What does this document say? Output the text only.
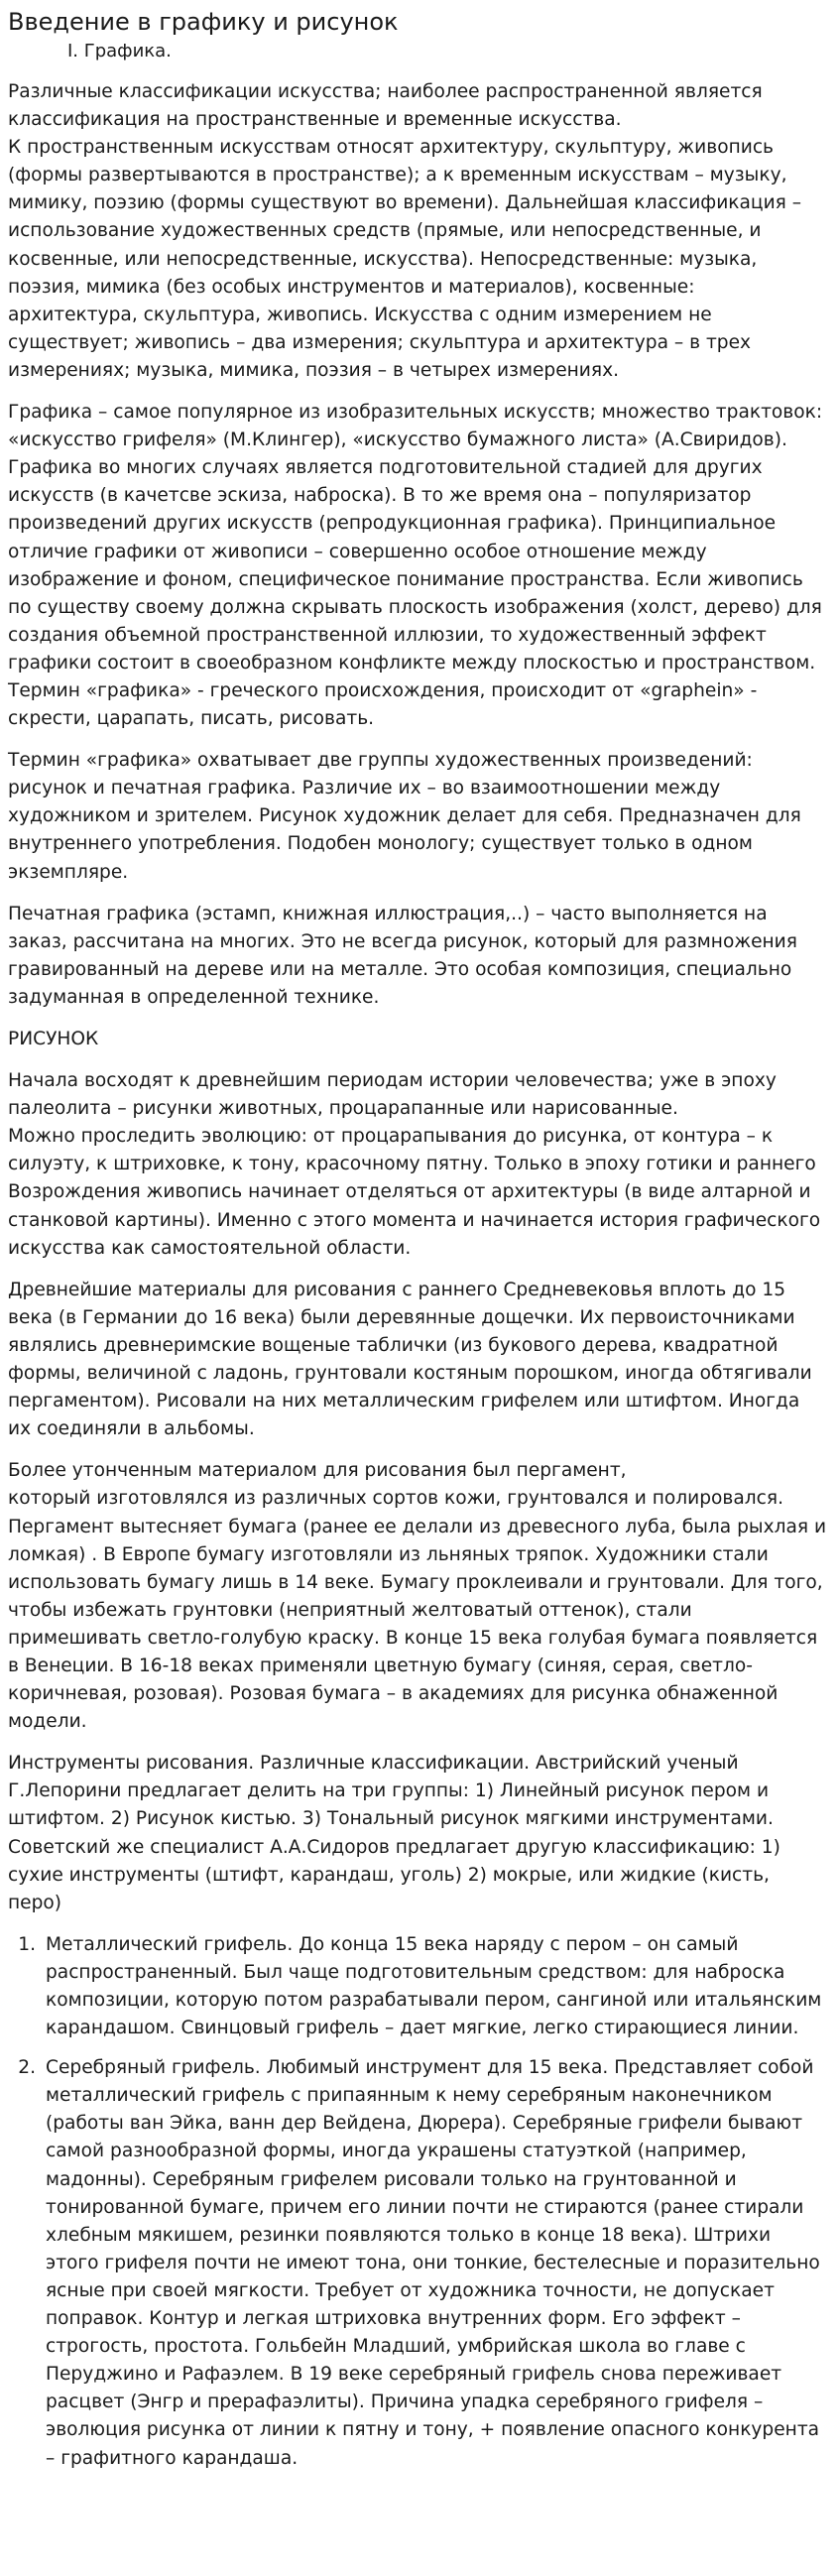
Введение в графику и рисунок
I. Графика.

Различные классификации искусства; наиболее распространенной является классификация на пространственные и временные искусства.
К пространственным искусствам относят архитектуру, скульптуру, живопись (формы развертываются в пространстве); а к временным искусствам – музыку, мимику, поэзию (формы существуют во времени). Дальнейшая классификация – использование художественных средств (прямые, или непосредственные, и косвенные, или непосредственные, искусства). Непосредственные: музыка, поэзия, мимика (без особых инструментов и материалов), косвенные: архитектура, скульптура, живопись. Искусства с одним измерением не существует; живопись – два измерения; скульптура и архитектура – в трех измерениях; музыка, мимика, поэзия – в четырех измерениях.

Графика – самое популярное из изобразительных искусств; множество трактовок: «искусство грифеля» (М.Клингер), «искусство бумажного листа» (А.Свиридов). Графика во многих случаях является подготовительной стадией для других искусств (в качетсве эскиза, наброска). В то же время она – популяризатор произведений других искусств (репродукционная графика). Принципиальное отличие графики от живописи – совершенно особое отношение между изображение и фоном, специфическое понимание пространства. Если живопись по существу своему должна скрывать плоскость изображения (холст, дерево) для создания объемной пространственной иллюзии, то художественный эффект графики состоит в своеобразном конфликте между плоскостью и пространством. Термин «графика» - греческого происхождения, происходит от «graphein» - скрести, царапать, писать, рисовать.

Термин «графика» охватывает две группы художественных произведений: рисунок и печатная графика. Различие их – во взаимоотношении между художником и зрителем. Рисунок художник делает для себя. Предназначен для внутреннего употребления. Подобен монологу; существует только в одном экземпляре.

Печатная графика (эстамп, книжная иллюстрация,..) – часто выполняется на заказ, рассчитана на многих. Это не всегда рисунок, который для размножения гравированный на дереве или на металле. Это особая композиция, специально задуманная в определенной технике.

РИСУНОК

Начала восходят к древнейшим периодам истории человечества; уже в эпоху палеолита – рисунки животных, процарапанные или нарисованные.
Можно проследить эволюцию: от процарапывания до рисунка, от контура – к силуэту, к штриховке, к тону, красочному пятну. Только в эпоху готики и раннего Возрождения живопись начинает отделяться от архитектуры (в виде алтарной и станковой картины). Именно с этого момента и начинается история графического искусства как самостоятельной области.

Древнейшие материалы для рисования с раннего Средневековья вплоть до 15 века (в Германии до 16 века) были деревянные дощечки. Их первоисточниками являлись древнеримские вощеные таблички (из букового дерева, квадратной формы, величиной с ладонь, грунтовали костяным порошком, иногда обтягивали пергаментом). Рисовали на них металлическим грифелем или штифтом. Иногда их соединяли в альбомы.

Более утонченным материалом для рисования был пергамент,
который изготовлялся из различных сортов кожи, грунтовался и полировался. Пергамент вытесняет бумага (ранее ее делали из древесного луба, была рыхлая и ломкая) . В Европе бумагу изготовляли из льняных тряпок. Художники стали использовать бумагу лишь в 14 веке. Бумагу проклеивали и грунтовали. Для того, чтобы избежать грунтовки (неприятный желтоватый оттенок), стали примешивать светло-голубую краску. В конце 15 века голубая бумага появляется в Венеции. В 16-18 веках применяли цветную бумагу (синяя, серая, светло-коричневая, розовая). Розовая бумага – в академиях для рисунка обнаженной модели.

Инструменты рисования. Различные классификации. Австрийский ученый Г.Лепорини предлагает делить на три группы: 1) Линейный рисунок пером и штифтом. 2) Рисунок кистью. 3) Тональный рисунок мягкими инструментами. Советский же специалист А.А.Сидоров предлагает другую классификацию: 1) сухие инструменты (штифт, карандаш, уголь) 2) мокрые, или жидкие (кисть, перо)

1. Металлический грифель. До конца 15 века наряду с пером – он самый распространенный. Был чаще подготовительным средством: для наброска композиции, которую потом разрабатывали пером, сангиной или итальянским карандашом. Свинцовый грифель – дает мягкие, легко стирающиеся линии.
2. Серебряный грифель. Любимый инструмент для 15 века. Представляет собой металлический грифель с припаянным к нему серебряным наконечником (работы ван Эйка, ванн дер Вейдена, Дюрера). Серебряные грифели бывают самой разнообразной формы, иногда украшены статуэткой (например, мадонны). Серебряным грифелем рисовали только на грунтованной и тонированной бумаге, причем его линии почти не стираются (ранее стирали хлебным мякишем, резинки появляются только в конце 18 века). Штрихи этого грифеля почти не имеют тона, они тонкие, бестелесные и поразительно ясные при своей мягкости. Требует от художника точности, не допускает поправок. Контур и легкая штриховка внутренних форм. Его эффект – строгость, простота. Гольбейн Младший, умбрийская школа во главе с Перуджино и Рафаэлем. В 19 веке серебряный грифель снова переживает расцвет (Энгр и прерафаэлиты). Причина упадка серебряного грифеля – эволюция рисунка от линии к пятну и тону, + появление опасного конкурента – графитного карандаша.
